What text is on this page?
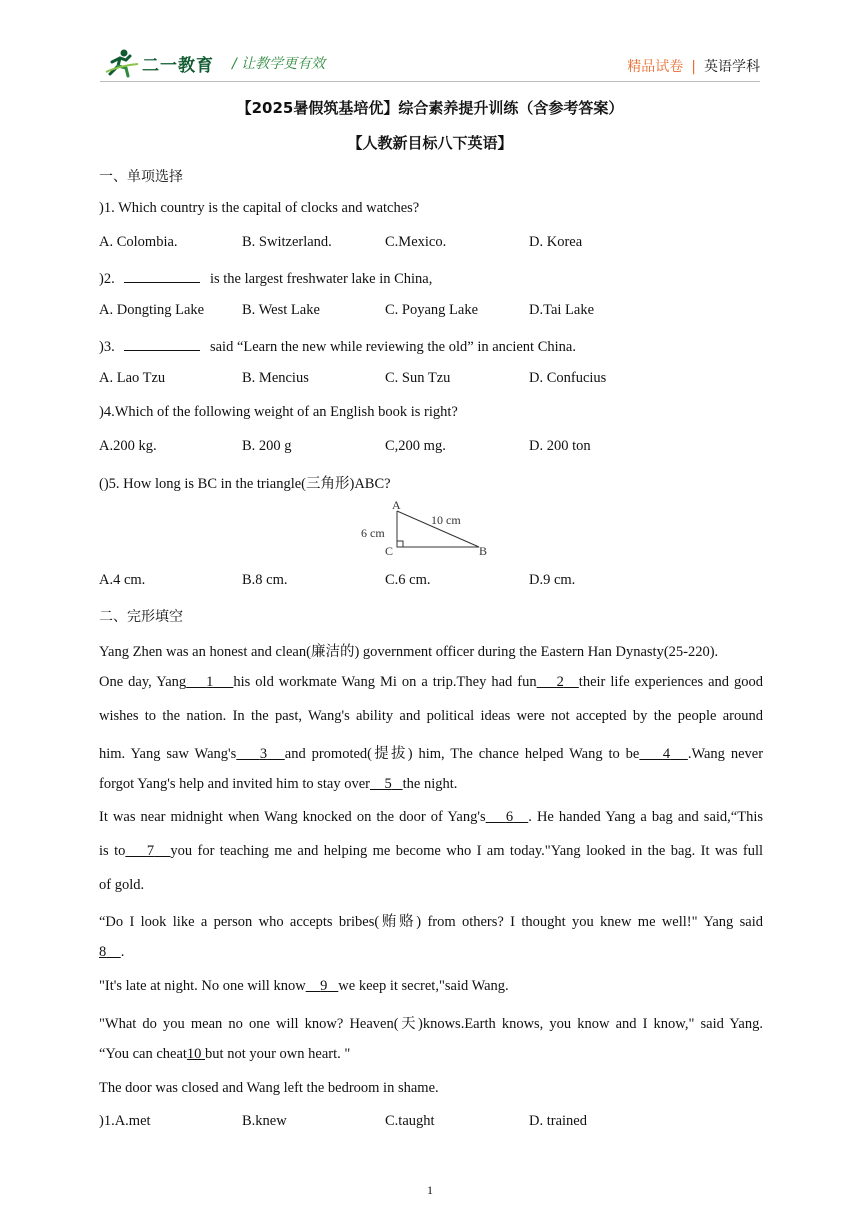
二一教育 / 让教学更有效	精品试卷 | 英语学科
【2025暑假筑基培优】综合素养提升训练（含参考答案）
【人教新目标八下英语】
一、单项选择
)1. Which country is the capital of clocks and watches?
A. Colombia.	B. Switzerland.	C.Mexico.	D. Korea
)2.	is the largest freshwater lake in China,
A. Dongting Lake	B. West Lake	C. Poyang Lake	D.Tai Lake
)3.	said “Learn the new while reviewing the old” in ancient China.
A. Lao Tzu	B. Mencius	C. Sun Tzu	D. Confucius
)4.Which of the following weight of an English book is right?
A.200 kg.	B. 200 g	C,200 mg.	D. 200 ton
()5. How long is BC in the triangle(三角形)ABC?
A
C	B
6 cm
10 cm
A.4 cm.	B.8 cm.	C.6 cm.	D.9 cm.
二、完形填空
Yang Zhen was an honest and clean(廉洁的) government officer during the Eastern Han Dynasty(25-220).
One day, Yang 1 his old workmate Wang Mi on a trip.They had fun 2 their life experiences and good
wishes to the nation. In the past, Wang's ability and political ideas were not accepted by the people around
him. Yang saw Wang's 3 and promoted(提拔) him, The chance helped Wang to be 4 .Wang never
forgot Yang's help and invited him to stay over 5 the night.
It was near midnight when Wang knocked on the door of Yang's 6 . He handed Yang a bag and said,“This
is to 7 you for teaching me and helping me become who I am today."Yang looked in the bag. It was full
of gold.
“Do I look like a person who accepts bribes(贿赂) from others? I thought you knew me well!" Yang said
8 .
"It's late at night. No one will know 9 we keep it secret,"said Wang.
"What do you mean no one will know? Heaven(天)knows.Earth knows, you know and I know," said Yang.
“You can cheat10 but not your own heart. "
The door was closed and Wang left the bedroom in shame.
)1.A.met	B.knew	C.taught	D. trained
1
